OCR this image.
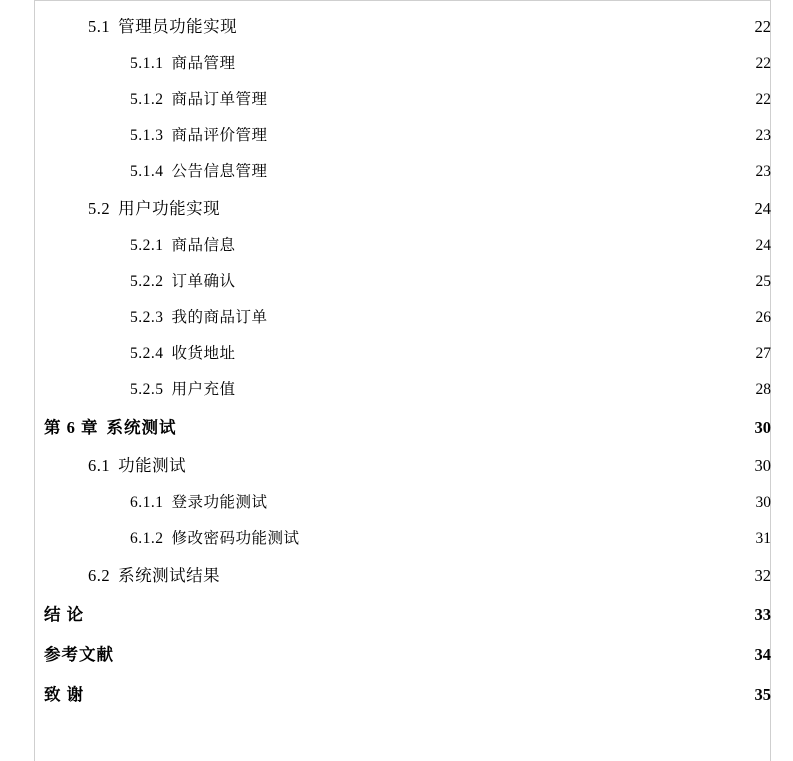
5.1 管理员功能实现	22
5.1.1 商品管理	22
5.1.2 商品订单管理	22
5.1.3 商品评价管理	23
5.1.4 公告信息管理	23
5.2 用户功能实现	24
5.2.1 商品信息	24
5.2.2 订单确认	25
5.2.3 我的商品订单	26
5.2.4 收货地址	27
5.2.5 用户充值	28
第 6 章 系统测试	30
6.1 功能测试	30
6.1.1 登录功能测试	30
6.1.2 修改密码功能测试	31
6.2 系统测试结果	32
结 论	33
参考文献	34
致 谢	35
